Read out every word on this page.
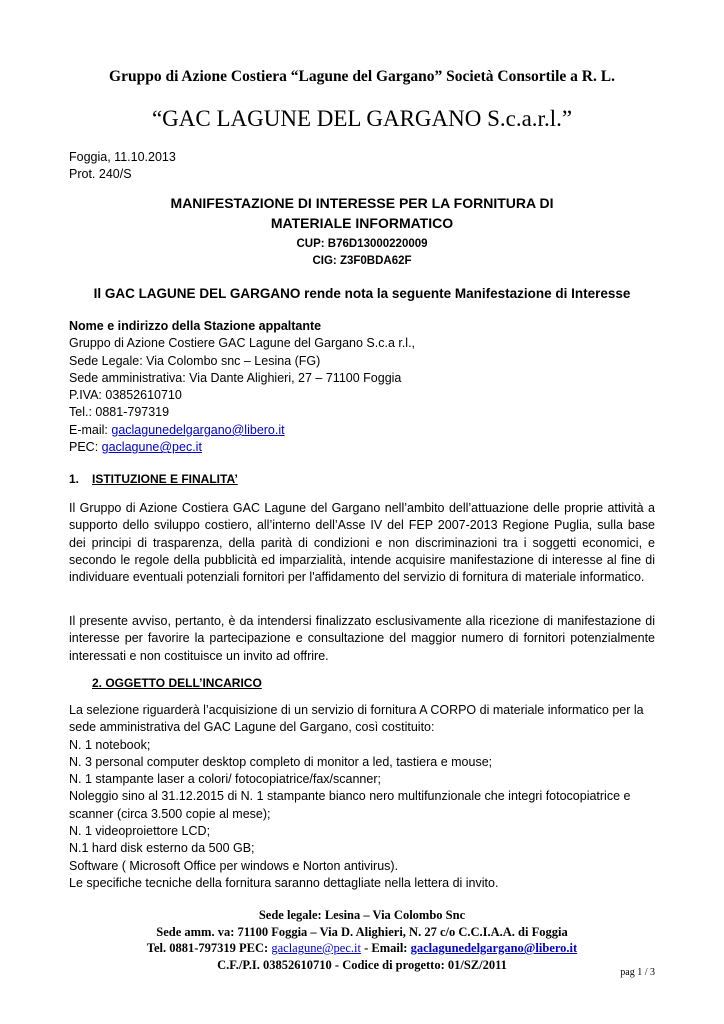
Gruppo di Azione Costiera “Lagune del Gargano” Società Consortile a R. L.
“GAC LAGUNE DEL GARGANO S.c.a.r.l.”
Foggia, 11.10.2013
Prot. 240/S
MANIFESTAZIONE DI INTERESSE PER LA FORNITURA DI
MATERIALE INFORMATICO
CUP: B76D13000220009
CIG: Z3F0BDA62F
Il GAC LAGUNE DEL GARGANO rende nota la seguente Manifestazione di Interesse
Nome e indirizzo della Stazione appaltante
Gruppo di Azione Costiere GAC Lagune del Gargano S.c.a r.l.,
Sede Legale: Via Colombo snc – Lesina (FG)
Sede amministrativa: Via Dante Alighieri, 27 – 71100 Foggia
P.IVA: 03852610710
Tel.: 0881-797319
E-mail: gaclagunedelgargano@libero.it
PEC: gaclagune@pec.it
1. ISTITUZIONE E FINALITA’
Il Gruppo di Azione Costiera GAC Lagune del Gargano nell’ambito dell’attuazione delle proprie attività a supporto dello sviluppo costiero, all’interno dell’Asse IV del FEP 2007-2013 Regione Puglia, sulla base dei principi di trasparenza, della parità di condizioni e non discriminazioni tra i soggetti economici, e secondo le regole della pubblicità ed imparzialità, intende acquisire manifestazione di interesse al fine di individuare eventuali potenziali fornitori per l'affidamento del servizio di fornitura di materiale informatico.
Il presente avviso, pertanto, è da intendersi finalizzato esclusivamente alla ricezione di manifestazione di interesse per favorire la partecipazione e consultazione del maggior numero di fornitori potenzialmente interessati e non costituisce un invito ad offrire.
2. OGGETTO DELL’INCARICO
La selezione riguarderà l’acquisizione di un servizio di fornitura A CORPO di materiale informatico per la sede amministrativa del GAC Lagune del Gargano, così costituito:
N. 1 notebook;
N. 3 personal computer desktop completo di monitor a led, tastiera e mouse;
N. 1 stampante laser a colori/ fotocopiatrice/fax/scanner;
Noleggio sino al 31.12.2015 di N. 1 stampante bianco nero multifunzionale che integri fotocopiatrice e scanner (circa 3.500 copie al mese);
N. 1 videoproiettore LCD;
N.1 hard disk esterno da 500 GB;
Software ( Microsoft Office per windows e Norton antivirus).
Le specifiche tecniche della fornitura saranno dettagliate nella lettera di invito.
Sede legale: Lesina – Via Colombo Snc
Sede amm. va: 71100 Foggia – Via D. Alighieri, N. 27 c/o C.C.I.A.A. di Foggia
Tel. 0881-797319 PEC: gaclagune@pec.it - Email: gaclagunedelgargano@libero.it
C.F./P.I. 03852610710 - Codice di progetto: 01/SZ/2011
pag 1 / 3
